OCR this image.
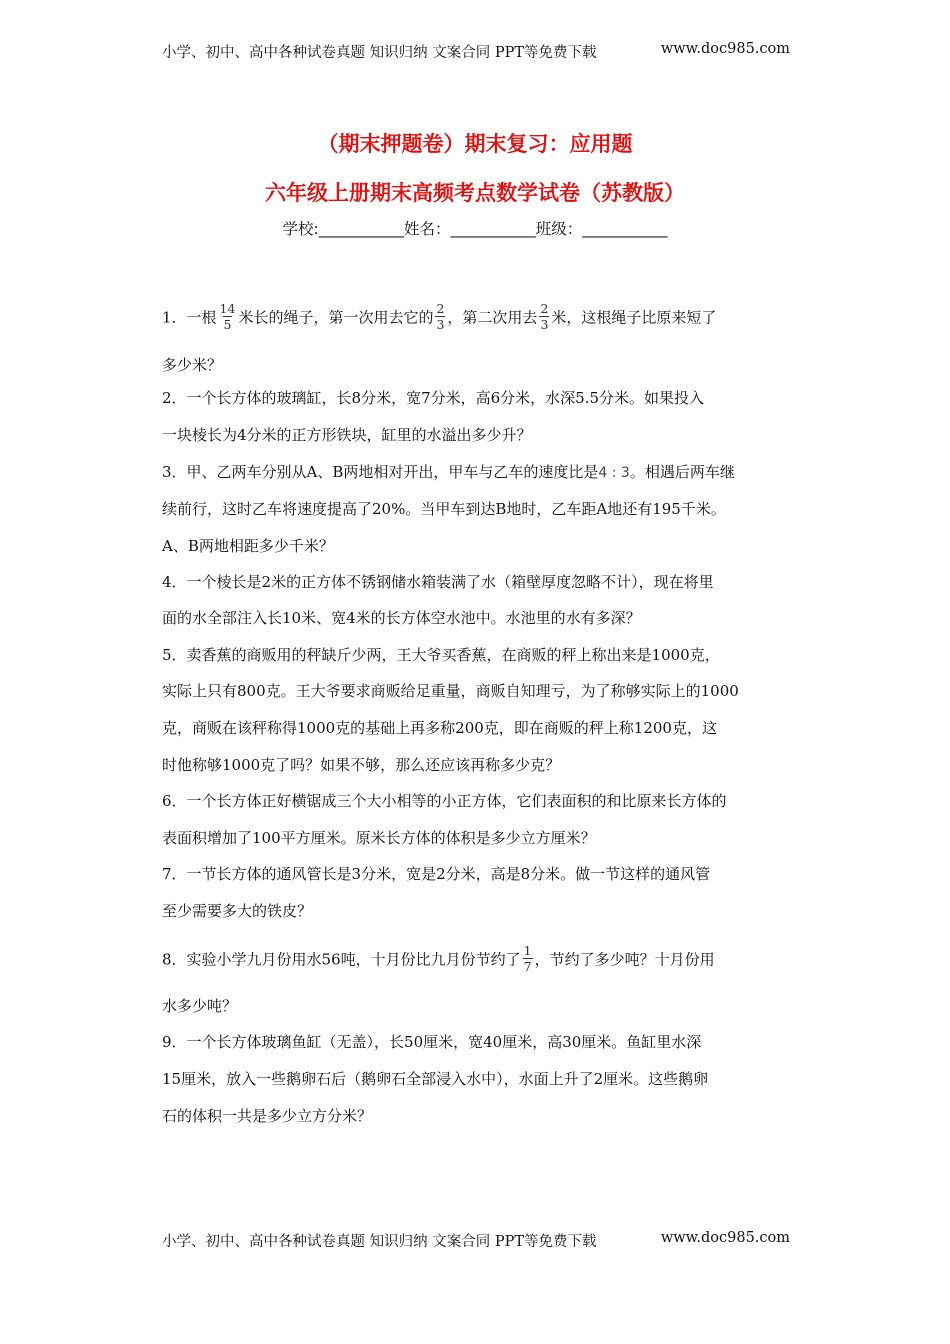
小学、初中、高中各种试卷真题 知识归纳 文案合同 PPT等免费下载	www.doc985.com
（期末押题卷）期末复习：应用题
六年级上册期末高频考点数学试卷（苏教版）
学校:___________姓名：___________班级：___________
1．一根 $\frac{14}{5}$ 米长的绳子，第一次用去它的 $\frac{2}{3}$ ，第二次用去 $\frac{2}{3}$ 米，这根绳子比原来短了
多少米？
2．一个长方体的玻璃缸，长8分米，宽7分米，高6分米，水深5.5分米。如果投入
一块棱长为4分米的正方形铁块，缸里的水溢出多少升？
3．甲、乙两车分别从A、B两地相对开出，甲车与乙车的速度比是4 : 3。相遇后两车继
续前行，这时乙车将速度提高了20%。当甲车到达B地时，乙车距A地还有195千米。
A、B两地相距多少千米？
4．一个棱长是2米的正方体不锈钢储水箱装满了水（箱壁厚度忽略不计），现在将里
面的水全部注入长10米、宽4米的长方体空水池中。水池里的水有多深？
5．卖香蕉的商贩用的秤缺斤少两，王大爷买香蕉，在商贩的秤上称出来是1000克，
实际上只有800克。王大爷要求商贩给足重量，商贩自知理亏，为了称够实际上的1000
克，商贩在该秤称得1000克的基础上再多称200克，即在商贩的秤上称1200克，这
时他称够1000克了吗？如果不够，那么还应该再称多少克？
6．一个长方体正好横锯成三个大小相等的小正方体，它们表面积的和比原来长方体的
表面积增加了100平方厘米。原米长方体的体积是多少立方厘米？
7．一节长方体的通风管长是3分米，宽是2分米，高是8分米。做一节这样的通风管
至少需要多大的铁皮？
8．实验小学九月份用水56吨，十月份比九月份节约了 $\frac{1}{7}$ ，节约了多少吨？十月份用
水多少吨？
9．一个长方体玻璃鱼缸（无盖），长50厘米，宽40厘米，高30厘米。鱼缸里水深
15厘米，放入一些鹅卵石后（鹅卵石全部浸入水中），水面上升了2厘米。这些鹅卵
石的体积一共是多少立方分米？
小学、初中、高中各种试卷真题 知识归纳 文案合同 PPT等免费下载	www.doc985.com
